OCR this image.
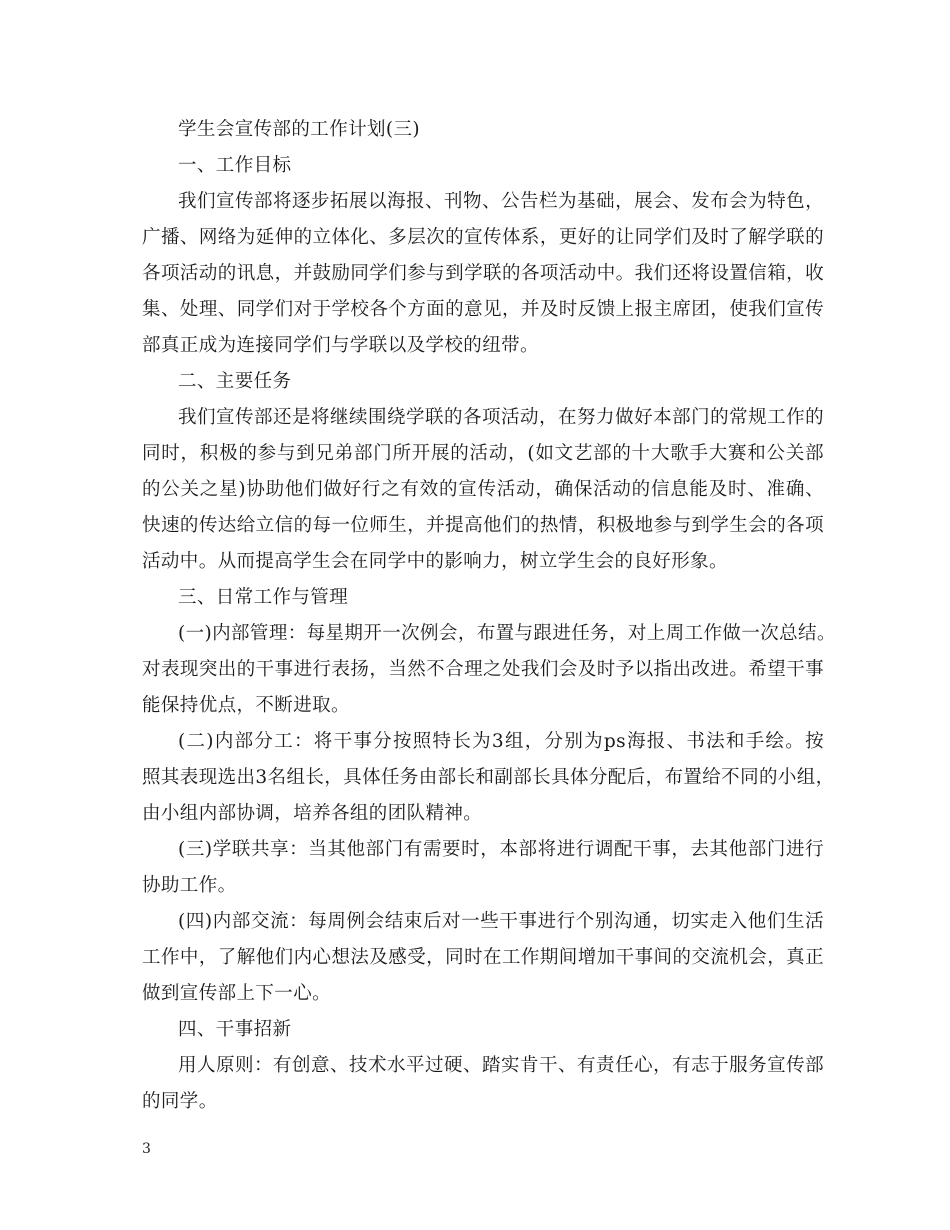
学生会宣传部的工作计划(三)
一、工作目标
我们宣传部将逐步拓展以海报、刊物、公告栏为基础，展会、发布会为特色，
广播、网络为延伸的立体化、多层次的宣传体系，更好的让同学们及时了解学联的
各项活动的讯息，并鼓励同学们参与到学联的各项活动中。我们还将设置信箱，收
集、处理、同学们对于学校各个方面的意见，并及时反馈上报主席团，使我们宣传
部真正成为连接同学们与学联以及学校的纽带。
二、主要任务
我们宣传部还是将继续围绕学联的各项活动，在努力做好本部门的常规工作的
同时，积极的参与到兄弟部门所开展的活动，(如文艺部的十大歌手大赛和公关部
的公关之星)协助他们做好行之有效的宣传活动，确保活动的信息能及时、准确、
快速的传达给立信的每一位师生，并提高他们的热情，积极地参与到学生会的各项
活动中。从而提高学生会在同学中的影响力，树立学生会的良好形象。
三、日常工作与管理
(一)内部管理：每星期开一次例会，布置与跟进任务，对上周工作做一次总结。
对表现突出的干事进行表扬，当然不合理之处我们会及时予以指出改进。希望干事
能保持优点，不断进取。
(二)内部分工：将干事分按照特长为3组，分别为ps海报、书法和手绘。按
照其表现选出3名组长，具体任务由部长和副部长具体分配后，布置给不同的小组，
由小组内部协调，培养各组的团队精神。
(三)学联共享：当其他部门有需要时，本部将进行调配干事，去其他部门进行
协助工作。
(四)内部交流：每周例会结束后对一些干事进行个别沟通，切实走入他们生活
工作中，了解他们内心想法及感受，同时在工作期间增加干事间的交流机会，真正
做到宣传部上下一心。
四、干事招新
用人原则：有创意、技术水平过硬、踏实肯干、有责任心，有志于服务宣传部
的同学。
3
